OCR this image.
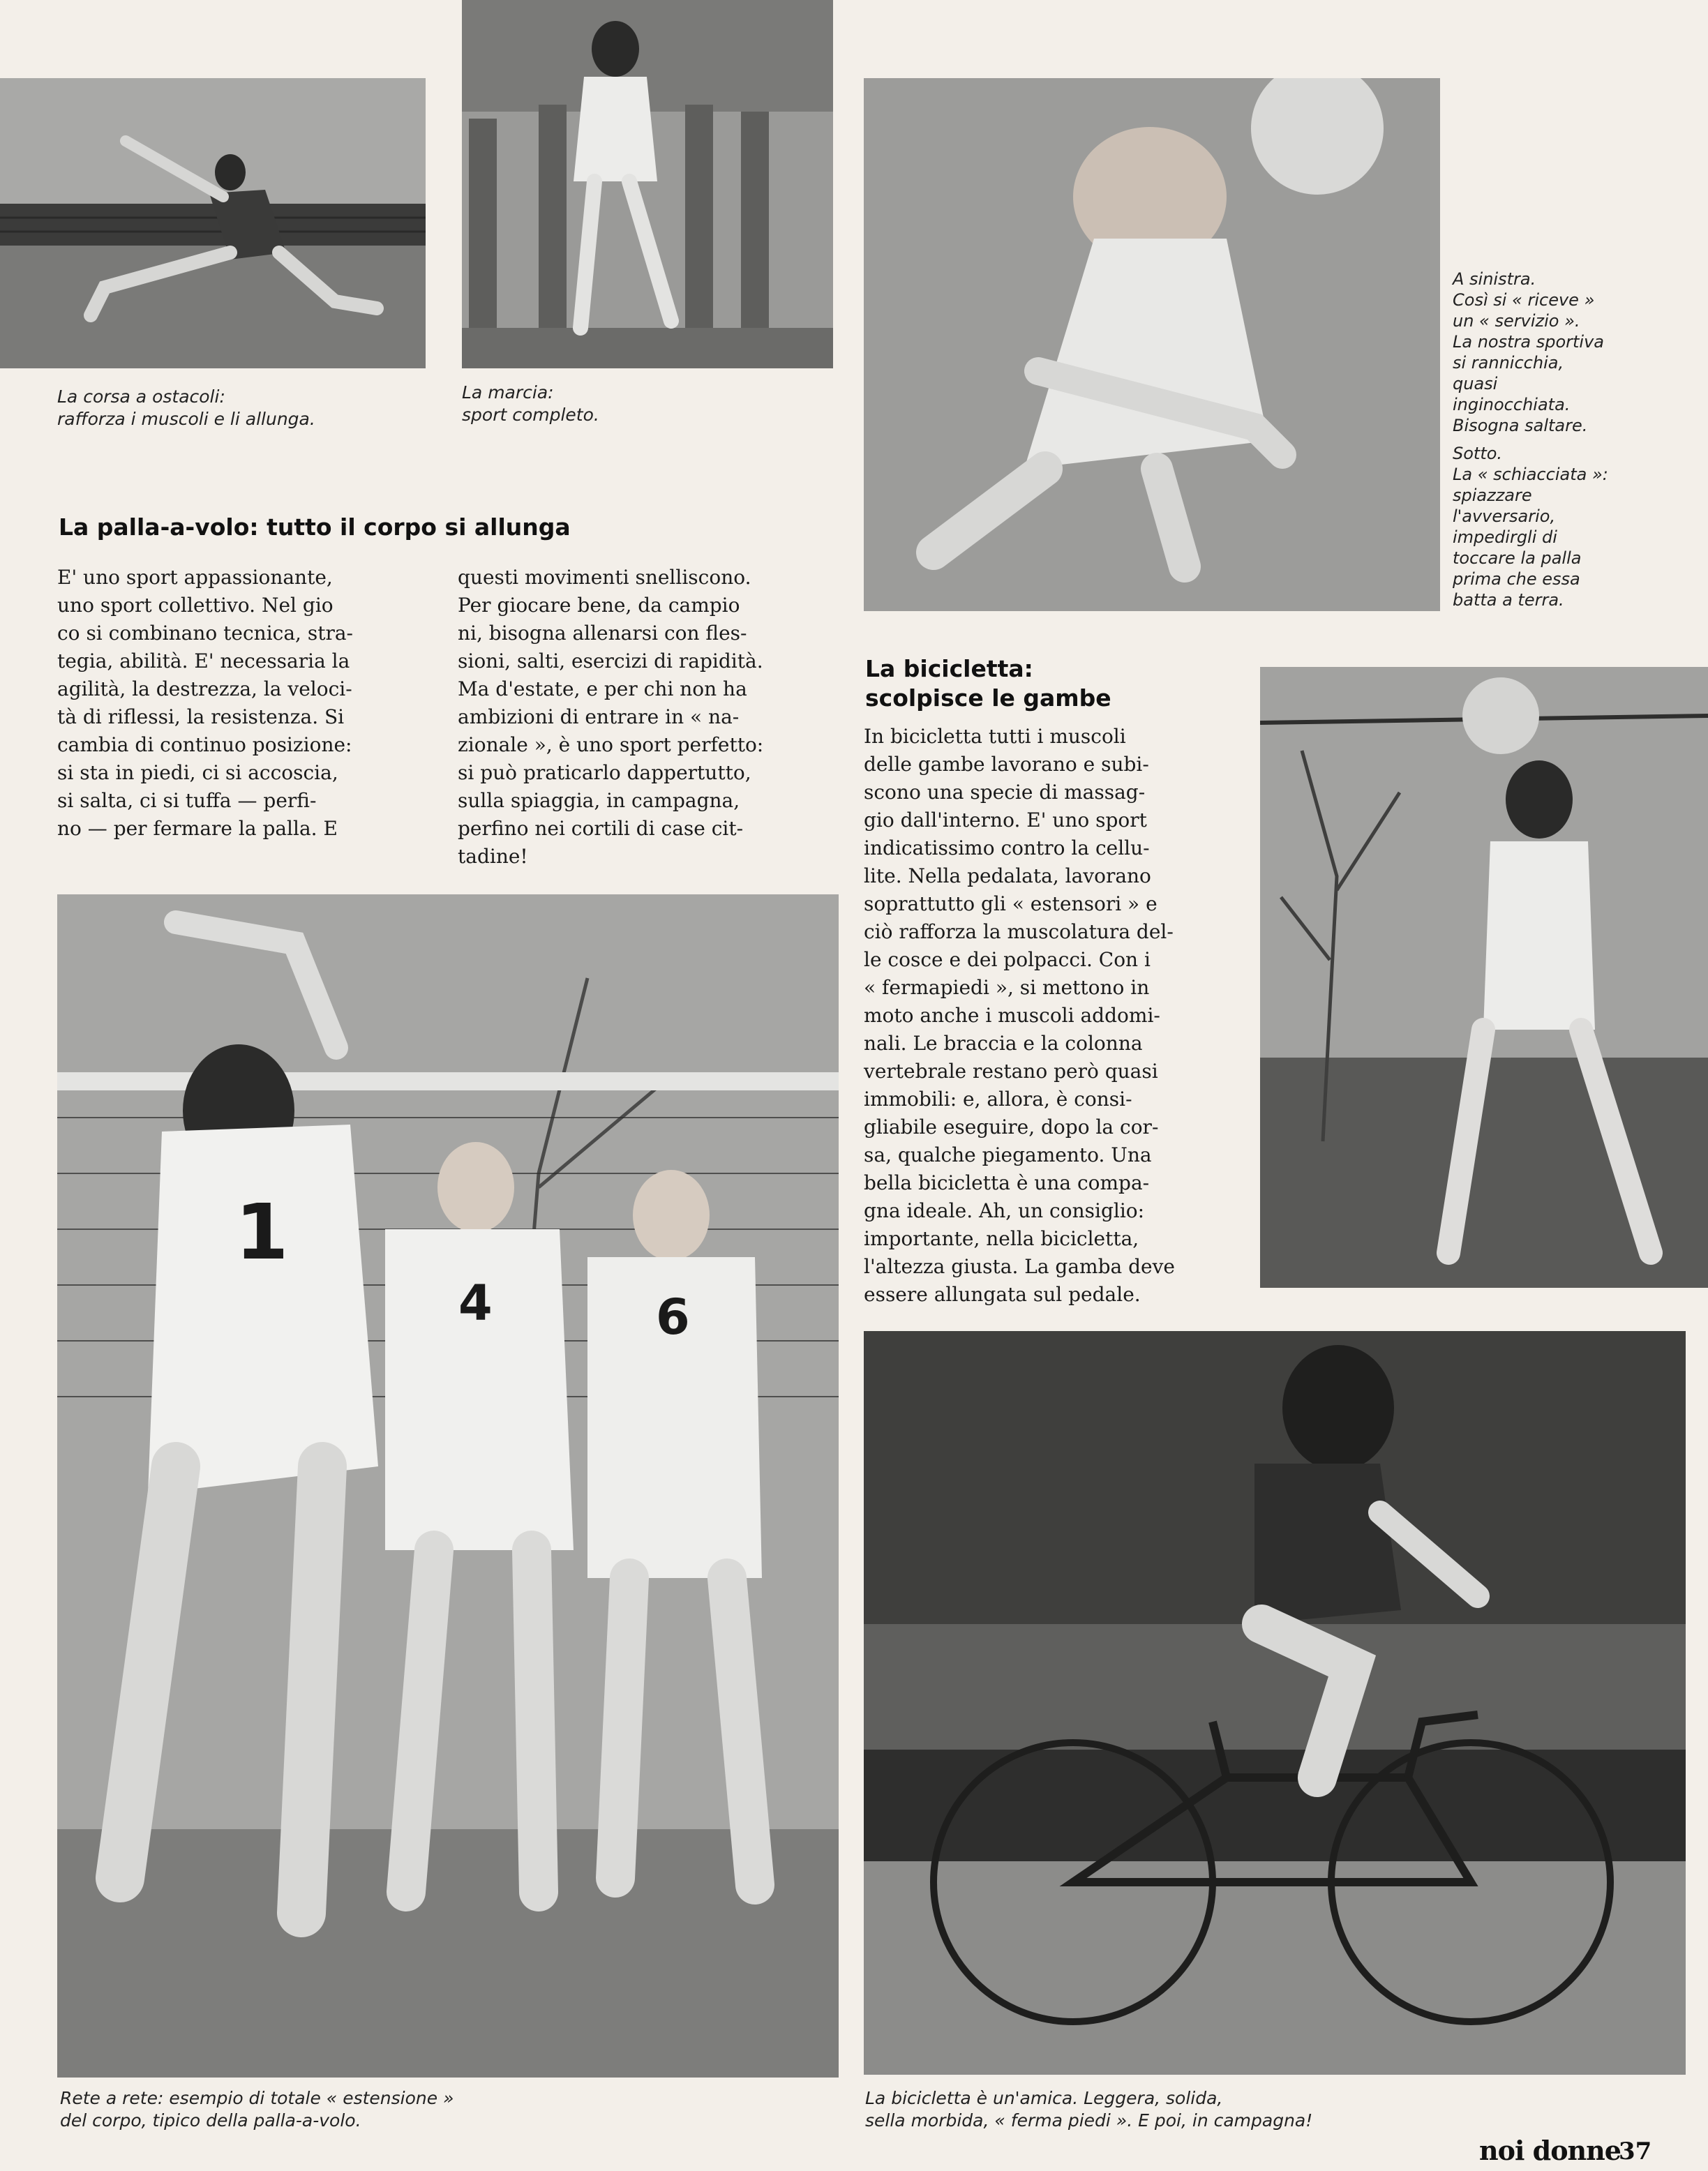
1
4	6

La corsa a ostacoli:
rafforza i muscoli e li allunga.

La marcia:
sport completo.

A sinistra.
Così si « riceve »
un « servizio ».
La nostra sportiva
si rannicchia,
quasi
inginocchiata.
Bisogna saltare.

Sotto.
La « schiacciata »:
spiazzare
l'avversario,
impedirgli di
toccare la palla
prima che essa
batta a terra.

La palla-a-volo: tutto il corpo si allunga

E' uno sport appassionante,
uno sport collettivo. Nel gio
co si combinano tecnica, stra-
tegia, abilità. E' necessaria la
agilità, la destrezza, la veloci-
tà di riflessi, la resistenza. Si
cambia di continuo posizione:
si sta in piedi, ci si accoscia,
si salta, ci si tuffa — perfi-
no — per fermare la palla. E

questi movimenti snelliscono.
Per giocare bene, da campio
ni, bisogna allenarsi con fles-
sioni, salti, esercizi di rapidità.
Ma d'estate, e per chi non ha
ambizioni di entrare in « na-
zionale », è uno sport perfetto:
si può praticarlo dappertutto,
sulla spiaggia, in campagna,
perfino nei cortili di case cit-
tadine!

La bicicletta:
scolpisce le gambe

In bicicletta tutti i muscoli
delle gambe lavorano e subi-
scono una specie di massag-
gio dall'interno. E' uno sport
indicatissimo contro la cellu-
lite. Nella pedalata, lavorano
soprattutto gli « estensori » e
ciò rafforza la muscolatura del-
le cosce e dei polpacci. Con i
« fermapiedi », si mettono in
moto anche i muscoli addomi-
nali. Le braccia e la colonna
vertebrale restano però quasi
immobili: e, allora, è consi-
gliabile eseguire, dopo la cor-
sa, qualche piegamento. Una
bella bicicletta è una compa-
gna ideale. Ah, un consiglio:
importante, nella bicicletta,
l'altezza giusta. La gamba deve
essere allungata sul pedale.

Rete a rete: esempio di totale « estensione »
del corpo, tipico della palla-a-volo.

La bicicletta è un'amica. Leggera, solida,
sella morbida, « ferma piedi ». E poi, in campagna!

noi donne
37
